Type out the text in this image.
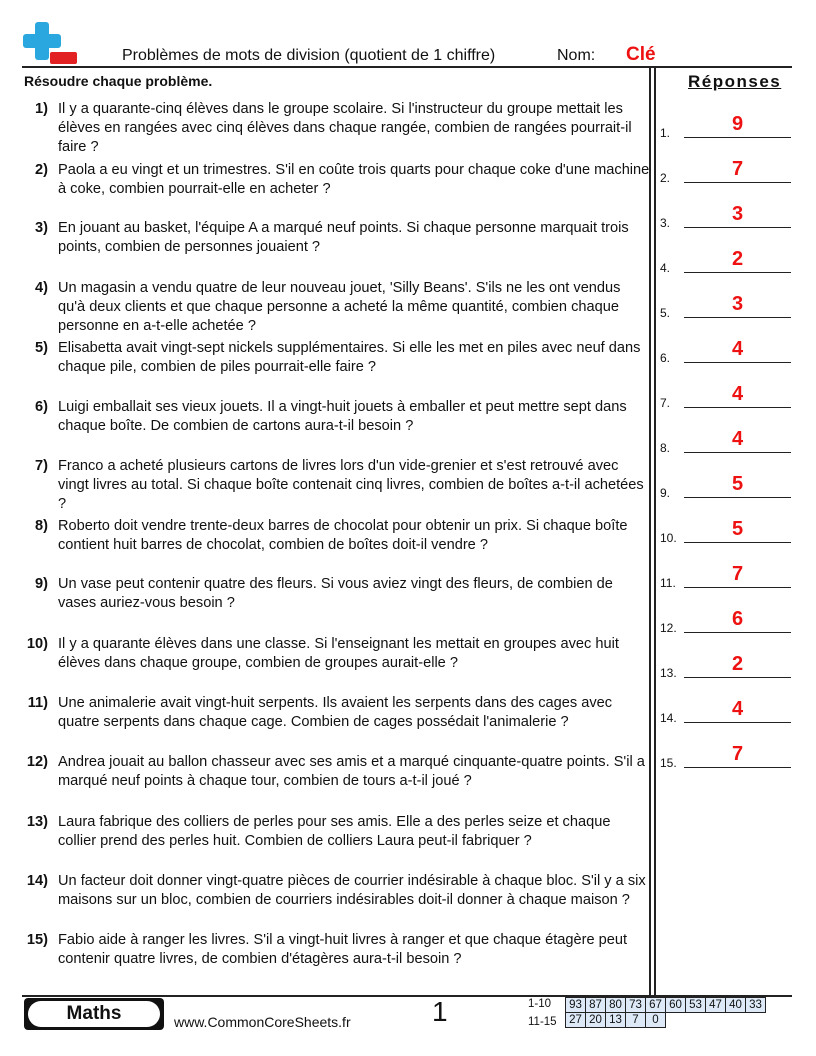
Problèmes de mots de division (quotient de 1 chiffre)	Nom: Clé
Résoudre chaque problème.	Réponses
1) Il y a quarante-cinq élèves dans le groupe scolaire. Si l'instructeur du groupe mettait les élèves en rangées avec cinq élèves dans chaque rangée, combien de rangées pourrait-il faire ?
2) Paola a eu vingt et un trimestres. S'il en coûte trois quarts pour chaque coke d'une machine à coke, combien pourrait-elle en acheter ?
3) En jouant au basket, l'équipe A a marqué neuf points. Si chaque personne marquait trois points, combien de personnes jouaient ?
4) Un magasin a vendu quatre de leur nouveau jouet, 'Silly Beans'. S'ils ne les ont vendus qu'à deux clients et que chaque personne a acheté la même quantité, combien chaque personne en a-t-elle achetée ?
5) Elisabetta avait vingt-sept nickels supplémentaires. Si elle les met en piles avec neuf dans chaque pile, combien de piles pourrait-elle faire ?
6) Luigi emballait ses vieux jouets. Il a vingt-huit jouets à emballer et peut mettre sept dans chaque boîte. De combien de cartons aura-t-il besoin ?
7) Franco a acheté plusieurs cartons de livres lors d'un vide-grenier et s'est retrouvé avec vingt livres au total. Si chaque boîte contenait cinq livres, combien de boîtes a-t-il achetées ?
8) Roberto doit vendre trente-deux barres de chocolat pour obtenir un prix. Si chaque boîte contient huit barres de chocolat, combien de boîtes doit-il vendre ?
9) Un vase peut contenir quatre des fleurs. Si vous aviez vingt des fleurs, de combien de vases auriez-vous besoin ?
10) Il y a quarante élèves dans une classe. Si l'enseignant les mettait en groupes avec huit élèves dans chaque groupe, combien de groupes aurait-elle ?
11) Une animalerie avait vingt-huit serpents. Ils avaient les serpents dans des cages avec quatre serpents dans chaque cage. Combien de cages possédait l'animalerie ?
12) Andrea jouait au ballon chasseur avec ses amis et a marqué cinquante-quatre points. S'il a marqué neuf points à chaque tour, combien de tours a-t-il joué ?
13) Laura fabrique des colliers de perles pour ses amis. Elle a des perles seize et chaque collier prend des perles huit. Combien de colliers Laura peut-il fabriquer ?
14) Un facteur doit donner vingt-quatre pièces de courrier indésirable à chaque bloc. S'il y a six maisons sur un bloc, combien de courriers indésirables doit-il donner à chaque maison ?
15) Fabio aide à ranger les livres. S'il a vingt-huit livres à ranger et que chaque étagère peut contenir quatre livres, de combien d'étagères aura-t-il besoin ?
1.	9
2.	7
3.	3
4.	2
5.	3
6.	4
7.	4
8.	4
9.	5
10.	5
11.	7
12.	6
13.	2
14.	4
15.	7
Maths	www.CommonCoreSheets.fr	1	1-10
11-15
93	87	80	73	67	60	53	47	40	33
27	20	13	7	0					
